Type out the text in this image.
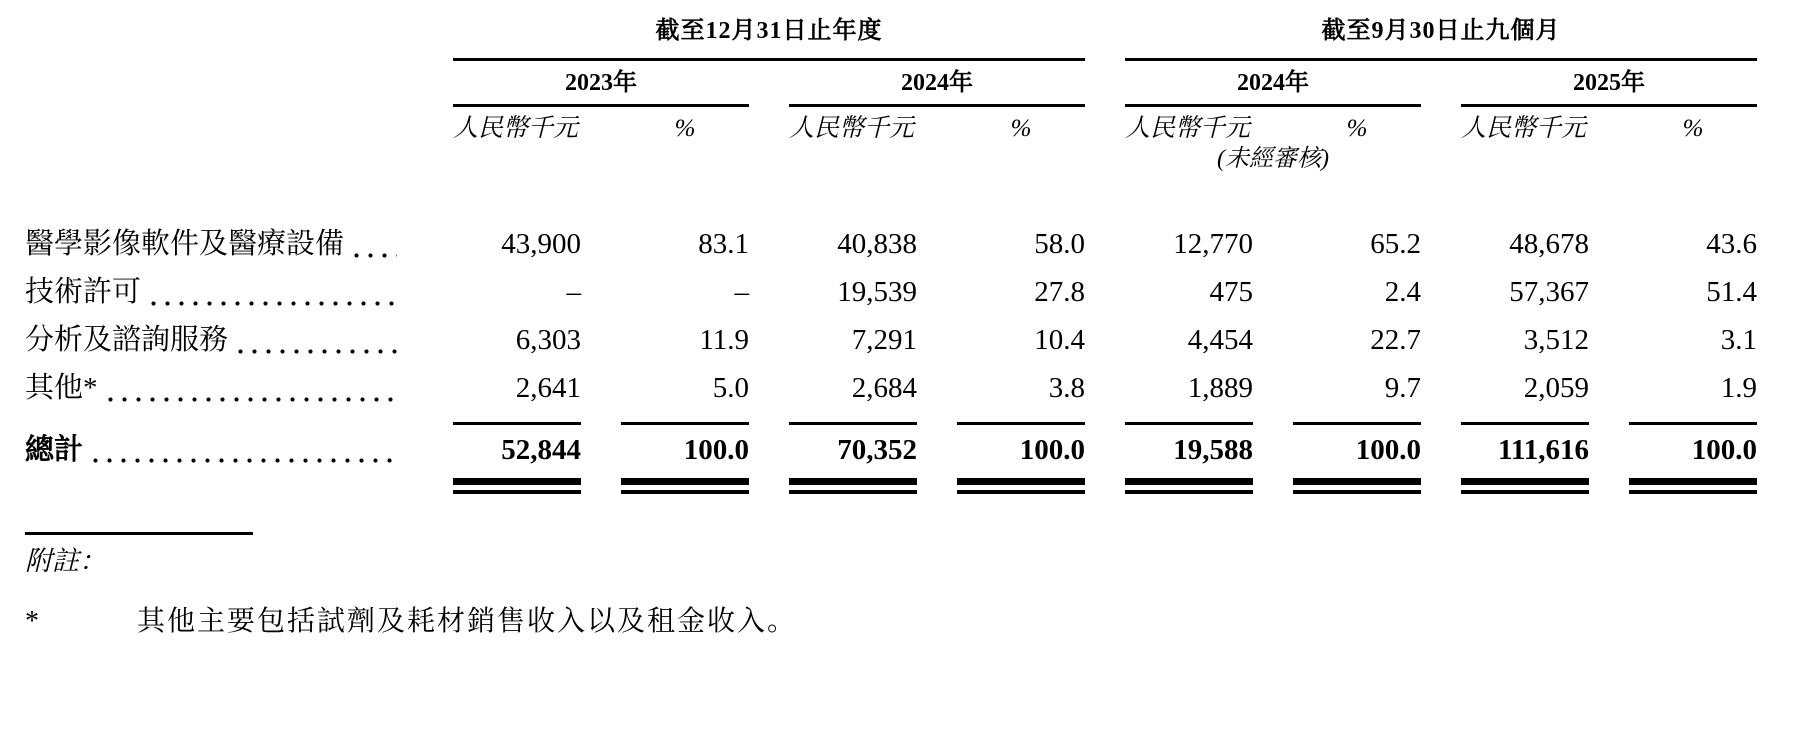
截至12月31日止年度	截至9月30日止九個月
2023年	2024年	2024年	2025年
人民幣千元	%	人民幣千元	%	人民幣千元	%	人民幣千元	%
(未經審核)
醫學影像軟件及醫療設備	43,900	83.1	40,838	58.0	12,770	65.2	48,678	43.6
技術許可	–	–	19,539	27.8	475	2.4	57,367	51.4
分析及諮詢服務	6,303	11.9	7,291	10.4	4,454	22.7	3,512	3.1
其他*	2,641	5.0	2,684	3.8	1,889	9.7	2,059	1.9
總計	52,844	100.0	70,352	100.0	19,588	100.0	111,616	100.0
附註：
*	其他主要包括試劑及耗材銷售收入以及租金收入。
